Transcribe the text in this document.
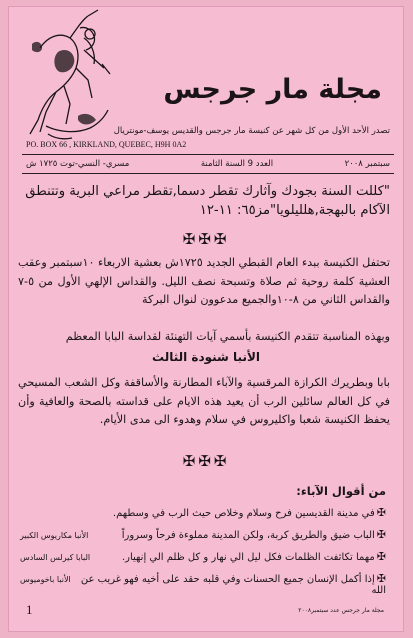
مجلة مار جرجس
تصدر الأحد الأول من كل شهر عن كنيسة مار جرجس والقديس يوسف-مونتريال
PO. BOX 66 , KIRKLAND, QUEBEC, H9H 0A2
سبتمبر ٢٠٠٨
العدد 9 السنة الثامنة
مسري- النسي-توت ١٧٢٥ ش
"كللت السنة بجودك وآثارك تقطر دسما,تقطر مراعي البرية وتتنطق الآكام بالبهجة,هلليلويا"مز٦٥: ١١-١٢
✠✠✠
تحتفل الكنيسة ببدء العام القبطي الجديد ١٧٢٥ش بعشية الاربعاء ١٠سبتمبر وعقب العشية كلمة روحية ثم صلاة وتسبحة نصف الليل. والقداس الإلهي الأول من ٥-٧ والقداس الثاني من ٨-١٠والجميع مدعوون لنوال البركة
وبهذه المناسبة تتقدم الكنيسة بأسمي آيات التهنئة لقداسة البابا المعظم
الأنبا شنودة الثالث
بابا وبطريرك الكرازة المرقسية والآباء المطارنة والأساقفة وكل الشعب المسيحي في كل العالم سائلين الرب أن يعيد هذه الايام على قداسته بالصحة والعافية وأن يحفظ الكنيسة شعبا واكليروس في سلام وهدوء الى مدى الأيام.
✠✠✠
من أقوال الآباء:
✠في مدينة القديسين فرح وسلام وخلاص حيث الرب في وسطهم.
✠الباب ضيق والطريق كربة، ولكن المدينة مملوءة فرحاً وسروراً
الأنبا مكاريوس الكبير
✠مهما تكاثفت الظلمات فكل ليل الي نهار و كل ظلم الي إنهيار.
البابا كيرلس السادس
✠إذا أكمل الإنسان جميع الحسنات وفي قلبه حقد على أخيه فهو غريب عن الله
الأنبا باخوميوس
مجلة مار جرجس عدد سبتمبر٢٠٠٨
1
